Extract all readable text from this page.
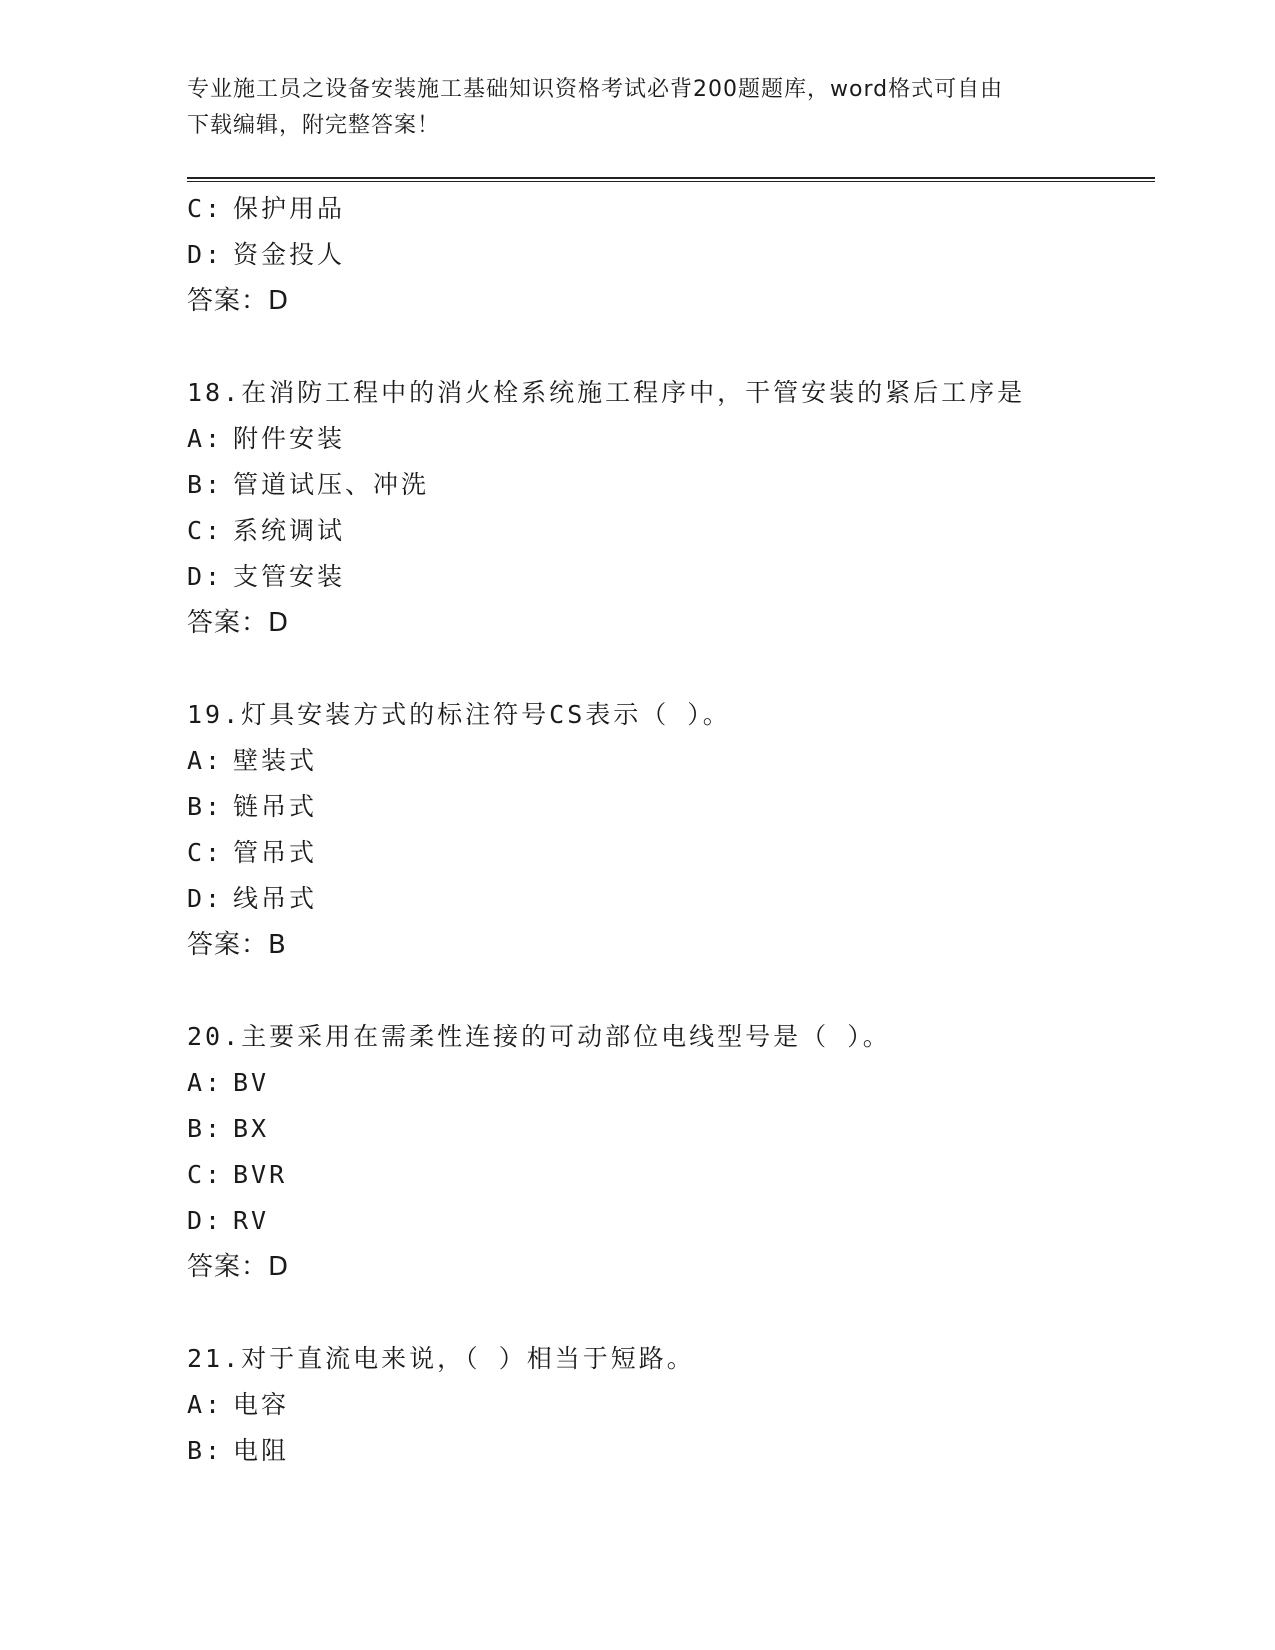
专业施工员之设备安装施工基础知识资格考试必背200题题库，word格式可自由
下载编辑，附完整答案！
C: 保护用品
D: 资金投人
答案：D
18.在消防工程中的消火栓系统施工程序中，干管安装的紧后工序是
A: 附件安装
B: 管道试压、冲洗
C: 系统调试
D: 支管安装
答案：D
19.灯具安装方式的标注符号CS表示（ ）。
A: 壁装式
B: 链吊式
C: 管吊式
D: 线吊式
答案：B
20.主要采用在需柔性连接的可动部位电线型号是（ ）。
A: BV
B: BX
C: BVR
D: RV
答案：D
21.对于直流电来说，（ ）相当于短路。
A: 电容
B: 电阻
